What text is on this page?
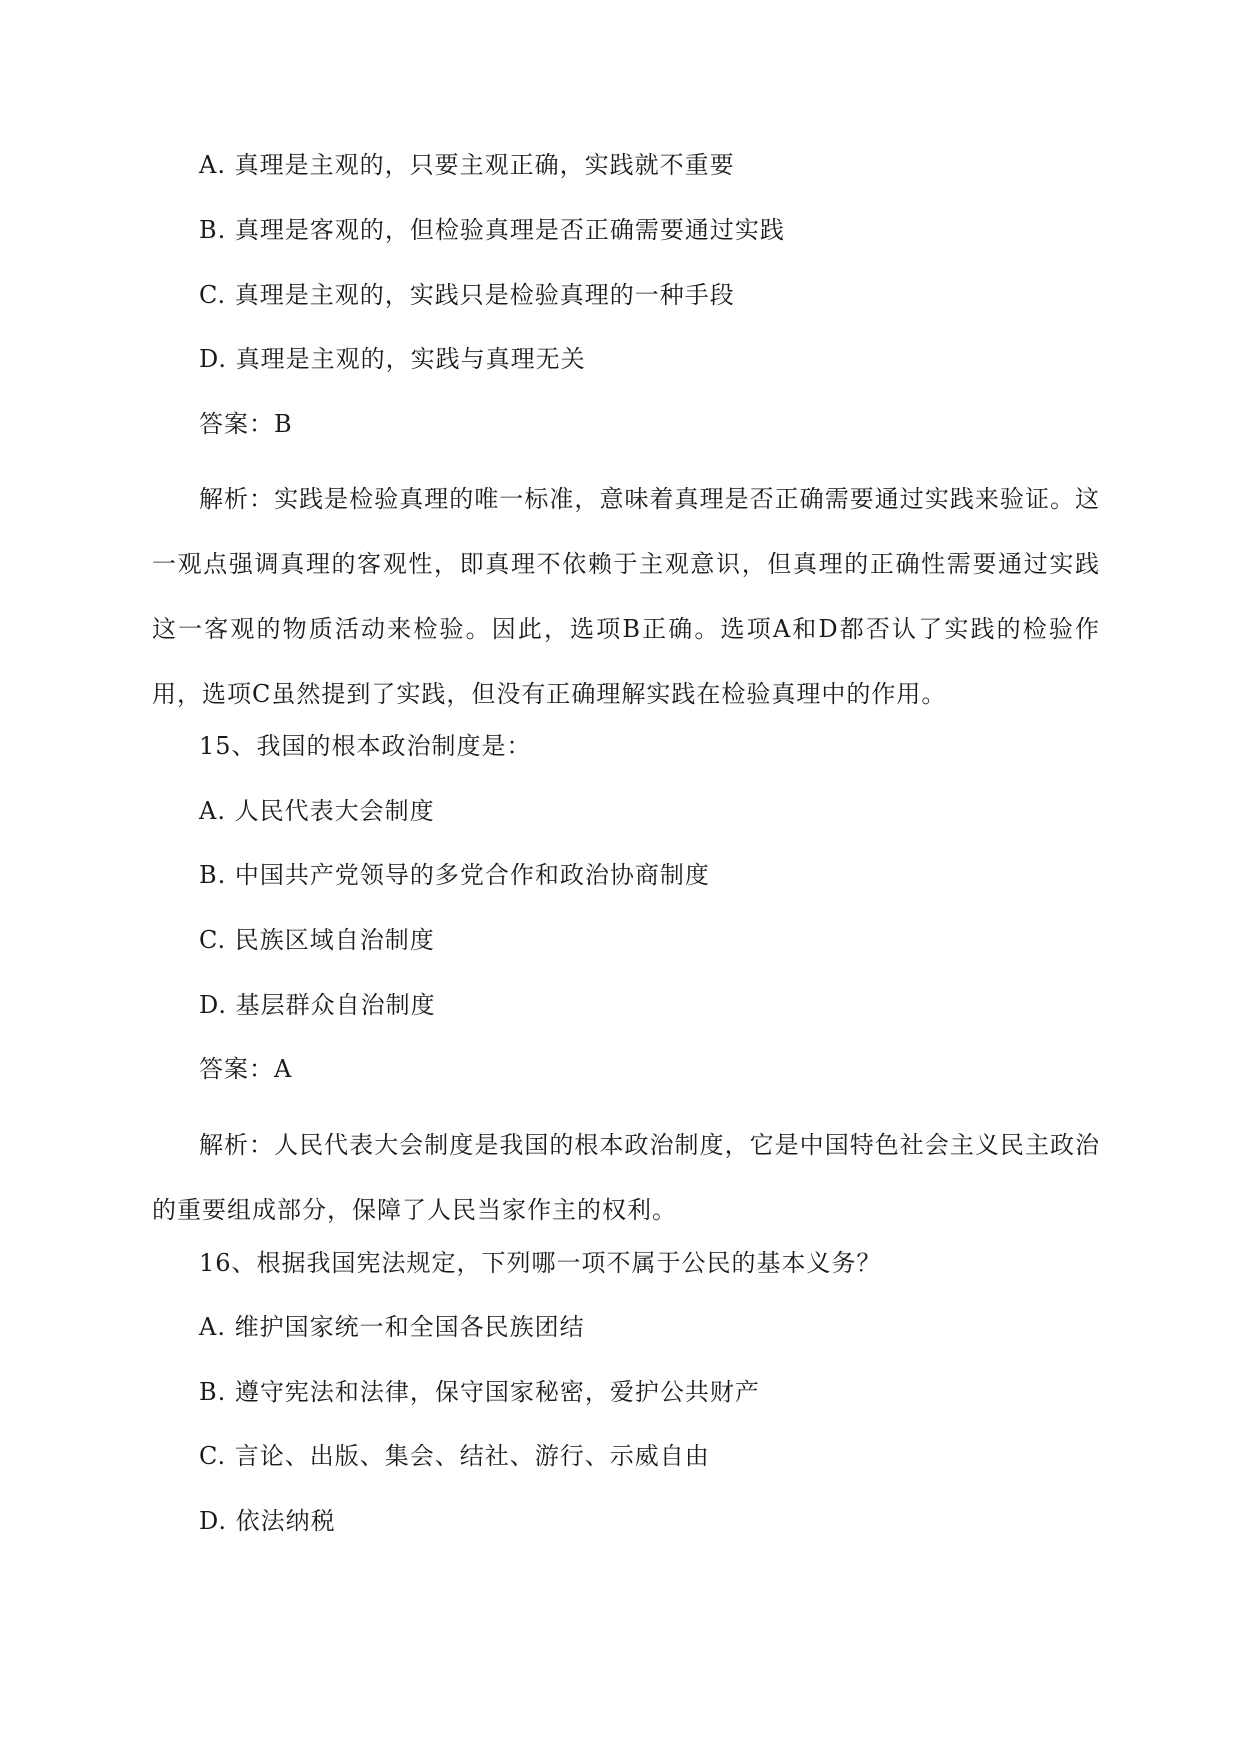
A. 真理是主观的，只要主观正确，实践就不重要
B. 真理是客观的，但检验真理是否正确需要通过实践
C. 真理是主观的，实践只是检验真理的一种手段
D. 真理是主观的，实践与真理无关
答案：B

解析：实践是检验真理的唯一标准，意味着真理是否正确需要通过实践来验证。这一观点强调真理的客观性，即真理不依赖于主观意识，但真理的正确性需要通过实践这一客观的物质活动来检验。因此，选项B正确。选项A和D都否认了实践的检验作用，选项C虽然提到了实践，但没有正确理解实践在检验真理中的作用。

15、我国的根本政治制度是：
A. 人民代表大会制度
B. 中国共产党领导的多党合作和政治协商制度
C. 民族区域自治制度
D. 基层群众自治制度
答案：A

解析：人民代表大会制度是我国的根本政治制度，它是中国特色社会主义民主政治的重要组成部分，保障了人民当家作主的权利。

16、根据我国宪法规定，下列哪一项不属于公民的基本义务？
A. 维护国家统一和全国各民族团结
B. 遵守宪法和法律，保守国家秘密，爱护公共财产
C. 言论、出版、集会、结社、游行、示威自由
D. 依法纳税
